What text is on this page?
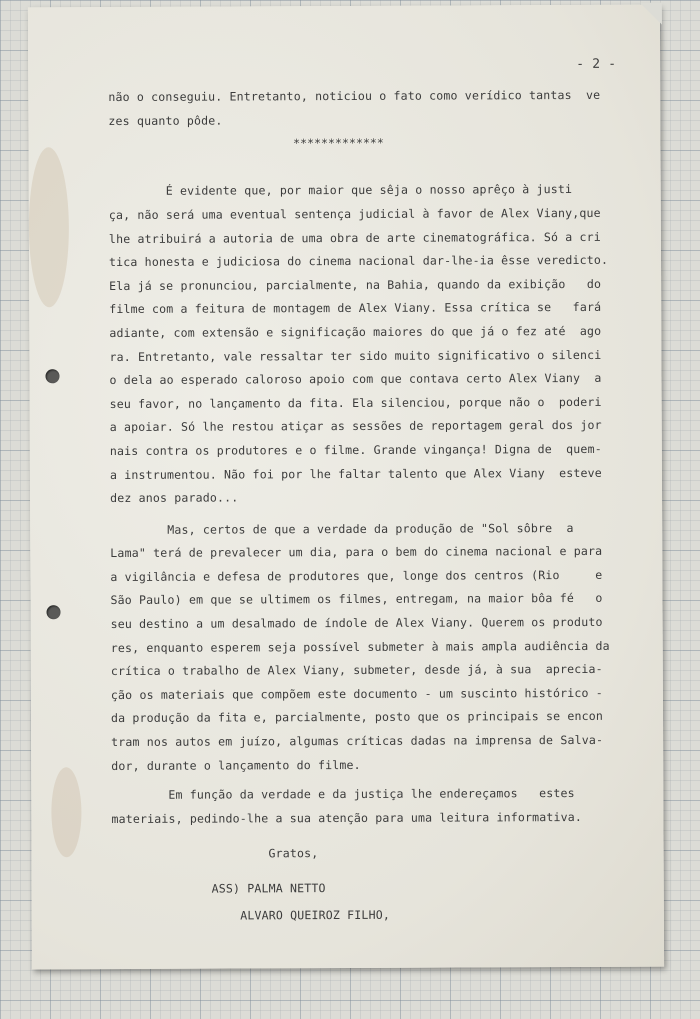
- 2 -
não o conseguiu. Entretanto, noticiou o fato como verídico tantas  ve
zes quanto pôde.
*************
É evidente que, por maior que sêja o nosso aprêço à justi
ça, não será uma eventual sentença judicial à favor de Alex Viany,que
lhe atribuirá a autoria de uma obra de arte cinematográfica. Só a cri
tica honesta e judiciosa do cinema nacional dar-lhe-ia êsse veredicto.
Ela já se pronunciou, parcialmente, na Bahia, quando da exibição   do
filme com a feitura de montagem de Alex Viany. Essa crítica se   fará
adiante, com extensão e significação maiores do que já o fez até  ago
ra. Entretanto, vale ressaltar ter sido muito significativo o silenci
o dela ao esperado caloroso apoio com que contava certo Alex Viany  a
seu favor, no lançamento da fita. Ela silenciou, porque não o  poderi
a apoiar. Só lhe restou atiçar as sessões de reportagem geral dos jor
nais contra os produtores e o filme. Grande vingança! Digna de  quem-
a instrumentou. Não foi por lhe faltar talento que Alex Viany  esteve
dez anos parado...
Mas, certos de que a verdade da produção de "Sol sôbre  a
Lama" terá de prevalecer um dia, para o bem do cinema nacional e para
a vigilância e defesa de produtores que, longe dos centros (Rio     e
São Paulo) em que se ultimem os filmes, entregam, na maior bôa fé   o
seu destino a um desalmado de índole de Alex Viany. Querem os produto
res, enquanto esperem seja possível submeter à mais ampla audiência da
crítica o trabalho de Alex Viany, submeter, desde já, à sua  aprecia-
ção os materiais que compõem este documento - um suscinto histórico -
da produção da fita e, parcialmente, posto que os principais se encon
tram nos autos em juízo, algumas críticas dadas na imprensa de Salva-
dor, durante o lançamento do filme.
Em função da verdade e da justiça lhe endereçamos   estes
materiais, pedindo-lhe a sua atenção para uma leitura informativa.
Gratos,
ASS) PALMA NETTO
ALVARO QUEIROZ FILHO,
